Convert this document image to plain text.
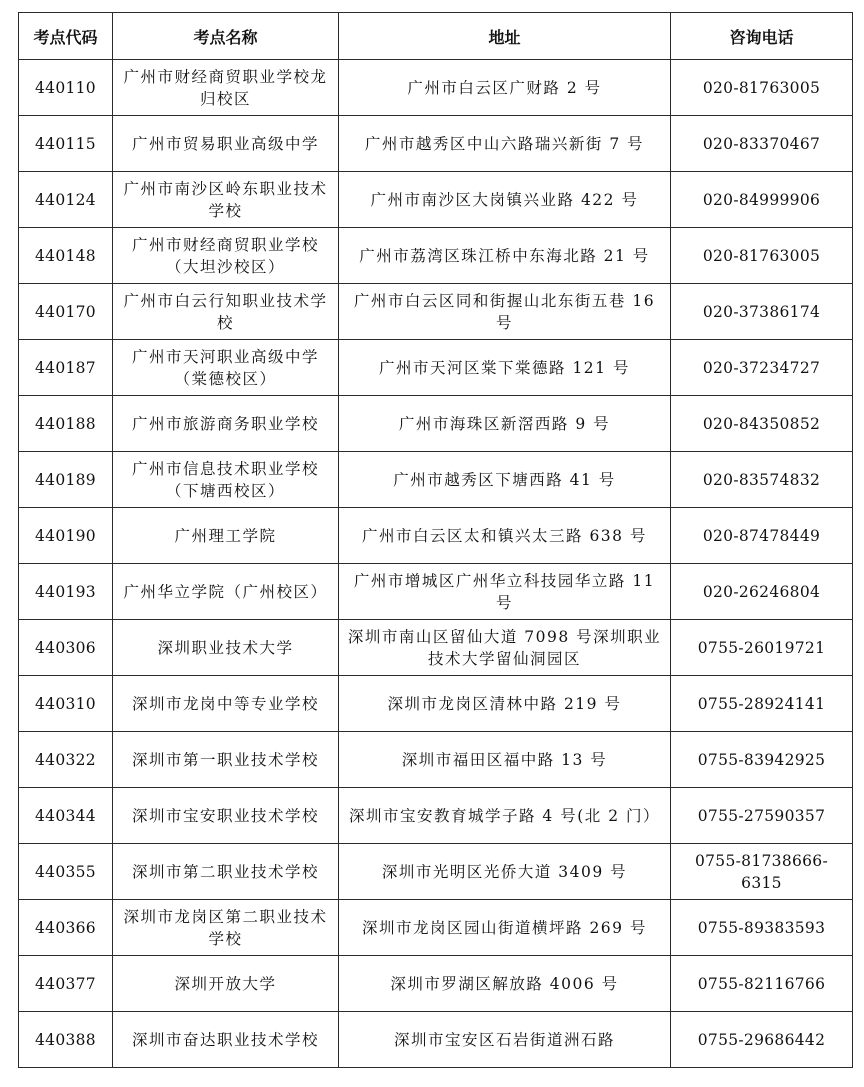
考点代码	考点名称	地址	咨询电话
440110	广州市财经商贸职业学校龙归校区	广州市白云区广财路 2 号	020-81763005
440115	广州市贸易职业高级中学	广州市越秀区中山六路瑞兴新街 7 号	020-83370467
440124	广州市南沙区岭东职业技术学校	广州市南沙区大岗镇兴业路 422 号	020-84999906
440148	广州市财经商贸职业学校（大坦沙校区）	广州市荔湾区珠江桥中东海北路 21 号	020-81763005
440170	广州市白云行知职业技术学校	广州市白云区同和街握山北东街五巷 16 号	020-37386174
440187	广州市天河职业高级中学（棠德校区）	广州市天河区棠下棠德路 121 号	020-37234727
440188	广州市旅游商务职业学校	广州市海珠区新滘西路 9 号	020-84350852
440189	广州市信息技术职业学校（下塘西校区）	广州市越秀区下塘西路 41 号	020-83574832
440190	广州理工学院	广州市白云区太和镇兴太三路 638 号	020-87478449
440193	广州华立学院（广州校区）	广州市增城区广州华立科技园华立路 11 号	020-26246804
440306	深圳职业技术大学	深圳市南山区留仙大道 7098 号深圳职业技术大学留仙洞园区	0755-26019721
440310	深圳市龙岗中等专业学校	深圳市龙岗区清林中路 219 号	0755-28924141
440322	深圳市第一职业技术学校	深圳市福田区福中路 13 号	0755-83942925
440344	深圳市宝安职业技术学校	深圳市宝安教育城学子路 4 号(北 2 门）	0755-27590357
440355	深圳市第二职业技术学校	深圳市光明区光侨大道 3409 号	0755-81738666-6315
440366	深圳市龙岗区第二职业技术学校	深圳市龙岗区园山街道横坪路 269 号	0755-89383593
440377	深圳开放大学	深圳市罗湖区解放路 4006 号	0755-82116766
440388	深圳市奋达职业技术学校	深圳市宝安区石岩街道洲石路	0755-29686442
